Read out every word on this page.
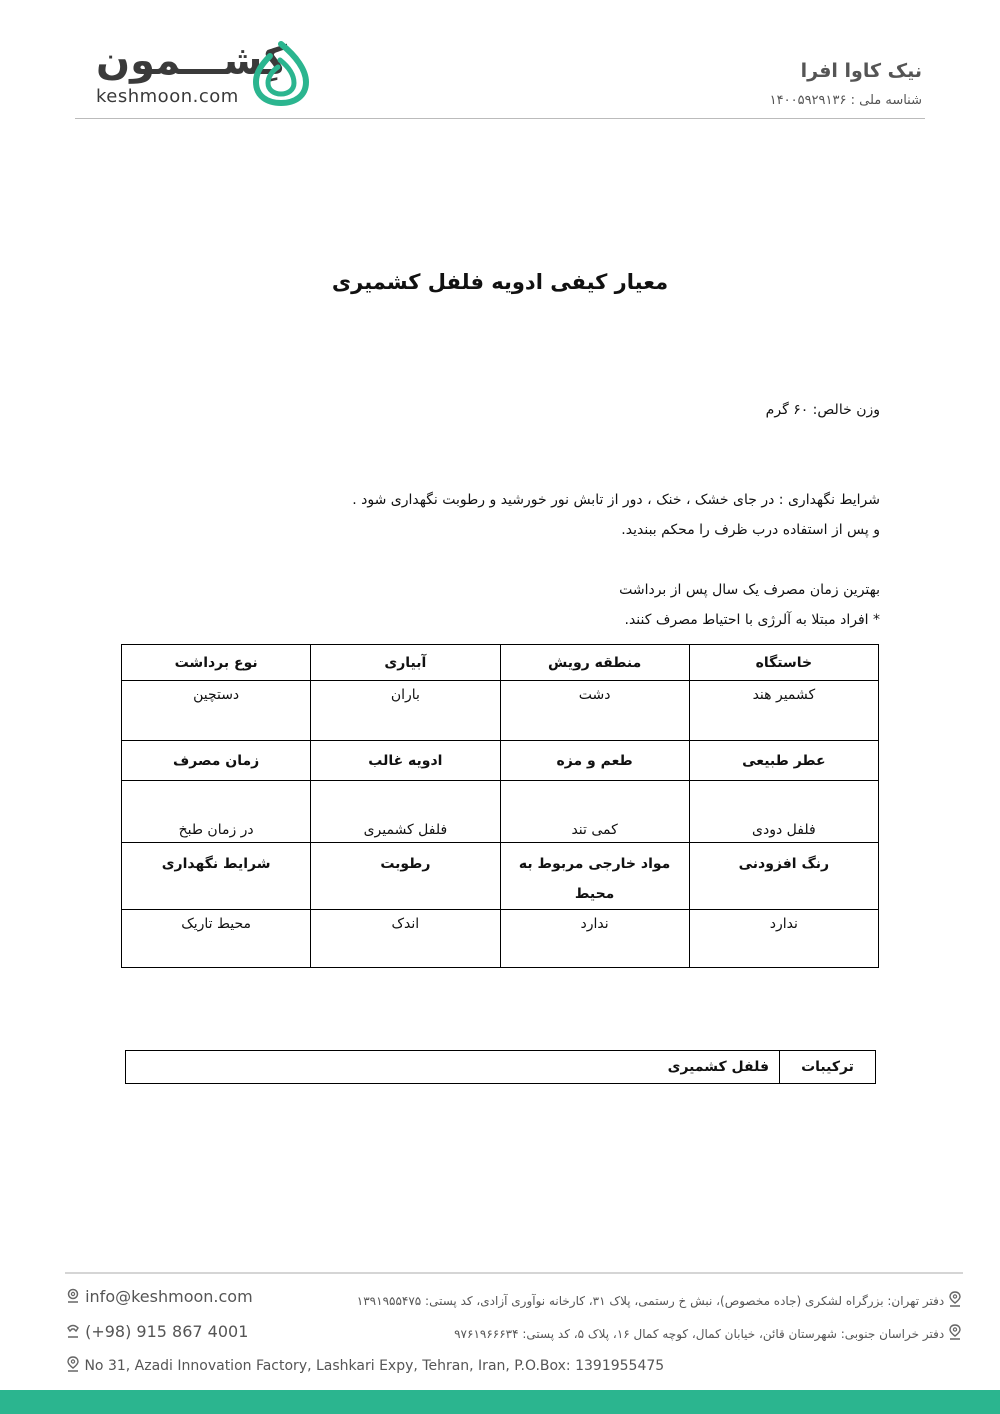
نیک کاوا افرا
شناسه ملی : ۱۴۰۰۵۹۲۹۱۳۶
کِشـــمون
keshmoon.com
معیار کیفی ادویه فلفل کشمیری
وزن خالص: ۶۰ گرم
شرایط نگهداری : در جای خشک ، خنک ، دور از تابش نور خورشید و رطوبت نگهداری شود .
و پس از استفاده درب ظرف را محکم ببندید.
بهترین زمان مصرف یک سال پس از برداشت
* افراد مبتلا به آلرژی با احتیاط مصرف کنند.
خاستگاه	منطقه رویش	آبیاری	نوع برداشت
کشمیر هند	دشت	باران	دستچین
عطر طبیعی	طعم و مزه	ادویه غالب	زمان مصرف
فلفل دودی	کمی تند	فلفل کشمیری	در زمان طبخ
رنگ افزودنی	مواد خارجی مربوط به محیط	رطوبت	شرایط نگهداری
ندارد	ندارد	اندک	محیط تاریک
ترکیبات	فلفل کشمیری
info@keshmoon.com
(+98) 915 867 4001
No 31, Azadi Innovation Factory, Lashkari Expy, Tehran, Iran, P.O.Box: 1391955475
دفتر تهران: بزرگراه لشکری (جاده مخصوص)، نبش خ رستمی، پلاک ۳۱، کارخانه نوآوری آزادی، کد پستی: ۱۳۹۱۹۵۵۴۷۵
دفتر خراسان جنوبی: شهرستان قائن، خیابان کمال، کوچه کمال ۱۶، پلاک ۵، کد پستی: ۹۷۶۱۹۶۶۶۳۴
